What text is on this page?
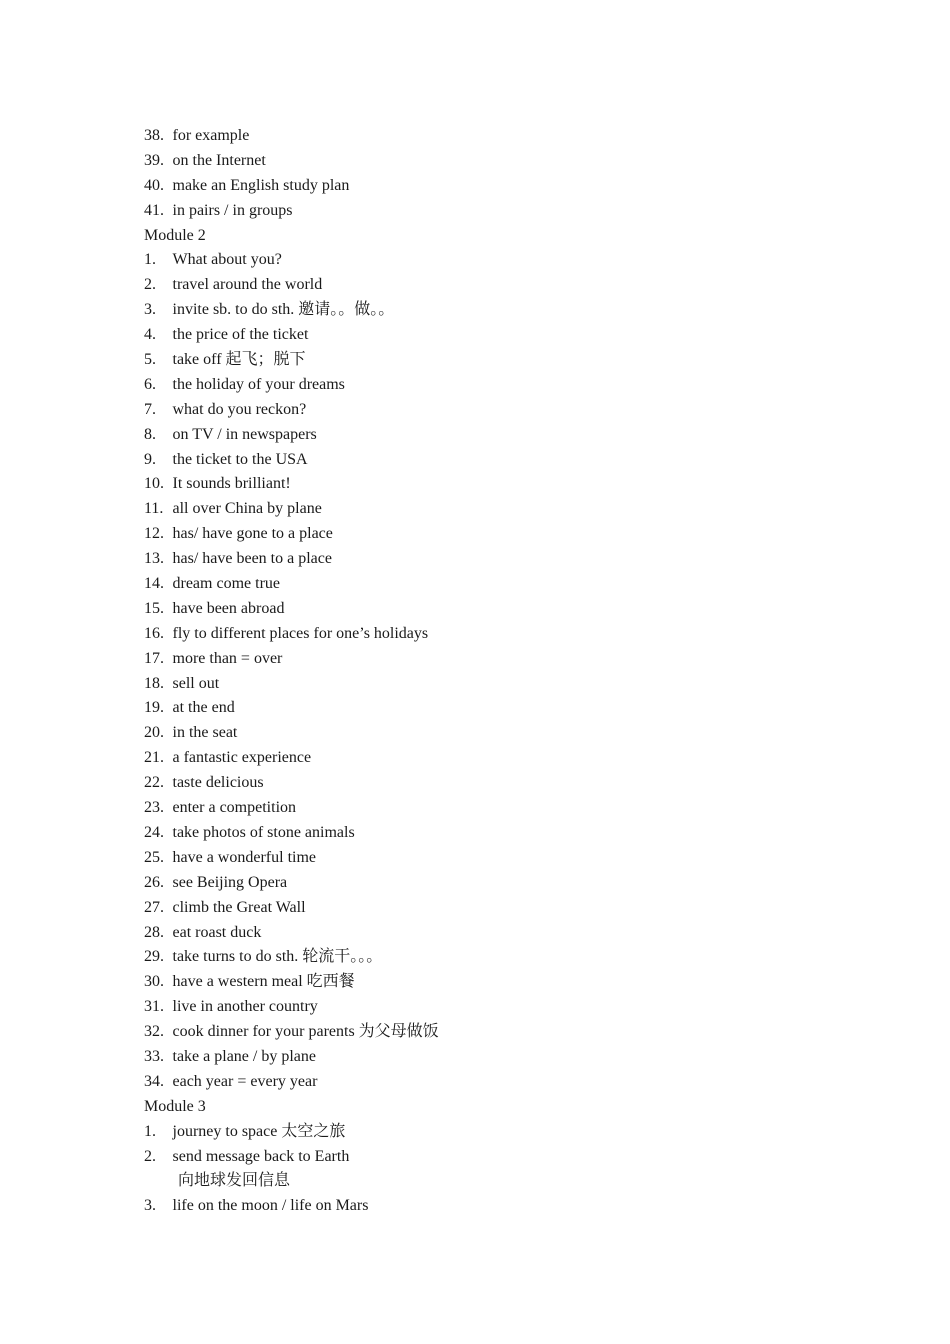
38. for example
39. on the Internet
40. make an English study plan
41. in pairs / in groups
Module 2
1.	What about you?
2.	travel around the world
3.	invite sb. to do sth. 邀请。。做。。
4.	the price of the ticket
5.	take off 起飞；脱下
6.	the holiday of your dreams
7.	what do you reckon?
8.	on TV / in newspapers
9.	the ticket to the USA
10. It sounds brilliant!
11. all over China by plane
12. has/ have gone to a place
13. has/ have been to a place
14. dream come true
15. have been abroad
16. fly to different places for one’s holidays
17. more than = over
18. sell out
19. at the end
20. in the seat
21. a fantastic experience
22. taste delicious
23. enter a competition
24. take photos of stone animals
25. have a wonderful time
26. see Beijing Opera
27. climb the Great Wall
28. eat roast duck
29. take turns to do sth. 轮流干。。。
30. have a western meal 吃西餐
31. live in another country
32. cook dinner for your parents 为父母做饭
33. take a plane / by plane
34. each year = every year
Module 3
1.	journey to space 太空之旅
2.	send message back to Earth
向地球发回信息
3.	life on the moon / life on Mars
